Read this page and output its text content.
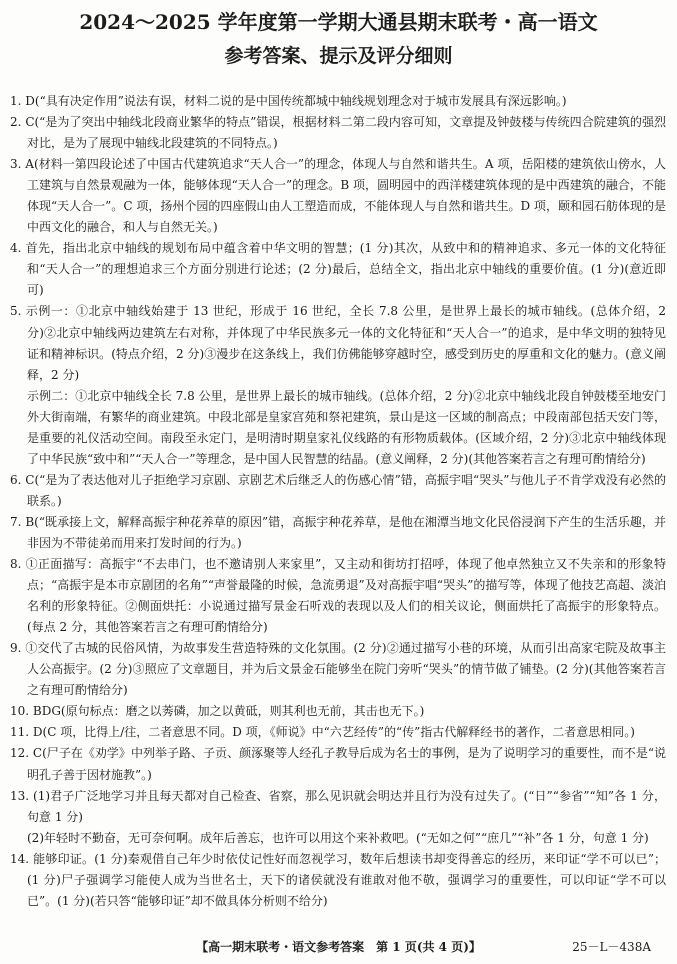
2024～2025 学年度第一学期大通县期末联考・高一语文
参考答案、提示及评分细则

1. D(“具有决定作用”说法有误，材料二说的是中国传统都城中轴线规划理念对于城市发展具有深远影响。)

2. C(“是为了突出中轴线北段商业繁华的特点”错误，根据材料二第二段内容可知，文章提及钟鼓楼与传统四合院建筑的强烈对比，是为了展现中轴线北段建筑的不同特点。)

3. A(材料一第四段论述了中国古代建筑追求“天人合一”的理念，体现人与自然和谐共生。A 项，岳阳楼的建筑依山傍水，人工建筑与自然景观融为一体，能够体现“天人合一”的理念。B 项，圆明园中的西洋楼建筑体现的是中西建筑的融合，不能体现“天人合一”。C 项，扬州个园的四座假山由人工塑造而成，不能体现人与自然和谐共生。D 项，颐和园石舫体现的是中西文化的融合，和人与自然无关。)

4. 首先，指出北京中轴线的规划布局中蕴含着中华文明的智慧；(1 分)其次，从致中和的精神追求、多元一体的文化特征和“天人合一”的理想追求三个方面分别进行论述；(2 分)最后，总结全文，指出北京中轴线的重要价值。(1 分)(意近即可)

5. 示例一：①北京中轴线始建于 13 世纪，形成于 16 世纪，全长 7.8 公里，是世界上最长的城市轴线。(总体介绍，2 分)②北京中轴线两边建筑左右对称，并体现了中华民族多元一体的文化特征和“天人合一”的追求，是中华文明的独特见证和精神标识。(特点介绍，2 分)③漫步在这条线上，我们仿佛能够穿越时空，感受到历史的厚重和文化的魅力。(意义阐释，2 分)

示例二：①北京中轴线全长 7.8 公里，是世界上最长的城市轴线。(总体介绍，2 分)②北京中轴线北段自钟鼓楼至地安门外大街南端，有繁华的商业建筑。中段北部是皇家宫苑和祭祀建筑，景山是这一区域的制高点；中段南部包括天安门等，是重要的礼仪活动空间。南段至永定门，是明清时期皇家礼仪线路的有形物质载体。(区域介绍，2 分)③北京中轴线体现了中华民族“致中和”“天人合一”等理念，是中国人民智慧的结晶。(意义阐释，2 分)(其他答案若言之有理可酌情给分)

6. C(“是为了表达他对儿子拒绝学习京剧、京剧艺术后继乏人的伤感心情”错，高振宇唱“哭头”与他儿子不肯学戏没有必然的联系。)

7. B(“既承接上文，解释高振宇种花养草的原因”错，高振宇种花养草，是他在湘潭当地文化民俗浸润下产生的生活乐趣，并非因为不带徒弟而用来打发时间的行为。)

8. ①正面描写：高振宇“不去串门，也不邀请别人来家里”，又主动和街坊打招呼，体现了他卓然独立又不失亲和的形象特点；“高振宇是本市京剧团的名角”“声誉最隆的时候，急流勇退”及对高振宇唱“哭头”的描写等，体现了他技艺高超、淡泊名利的形象特征。②侧面烘托：小说通过描写景金石听戏的表现以及人们的相关议论，侧面烘托了高振宇的形象特点。(每点 2 分，其他答案若言之有理可酌情给分)

9. ①交代了古城的民俗风情，为故事发生营造特殊的文化氛围。(2 分)②通过描写小巷的环境，从而引出高家宅院及故事主人公高振宇。(2 分)③照应了文章题目，并为后文景金石能够坐在院门旁听“哭头”的情节做了铺垫。(2 分)(其他答案若言之有理可酌情给分)

10. BDG(原句标点：磨之以莠磷，加之以黄砥，则其利也无前，其击也无下。)

11. D(C 项，比得上/往，二者意思不同。D 项，《师说》中“六艺经传”的“传”指古代解释经书的著作，二者意思相同。)

12. C(尸子在《劝学》中列举子路、子贡、颜涿聚等人经孔子教导后成为名士的事例，是为了说明学习的重要性，而不是“说明孔子善于因材施教”。)

13. (1)君子广泛地学习并且每天都对自己检查、省察，那么见识就会明达并且行为没有过失了。(“日”“参省”“知”各 1 分，句意 1 分)

(2)年轻时不勤奋，无可奈何啊。成年后善忘，也许可以用这个来补救吧。(“无如之何”“庶几”“补”各 1 分，句意 1 分)

14. 能够印证。(1 分)秦观借自己年少时依仗记性好而忽视学习，数年后想读书却变得善忘的经历，来印证“学不可以已”；(1 分)尸子强调学习能使人成为当世名士，天下的诸侯就没有谁敢对他不敬，强调学习的重要性，可以印证“学不可以已”。(1 分)(若只答“能够印证”却不做具体分析则不给分)

【高一期末联考・语文参考答案　第 1 页(共 4 页)】	25－L－438A
